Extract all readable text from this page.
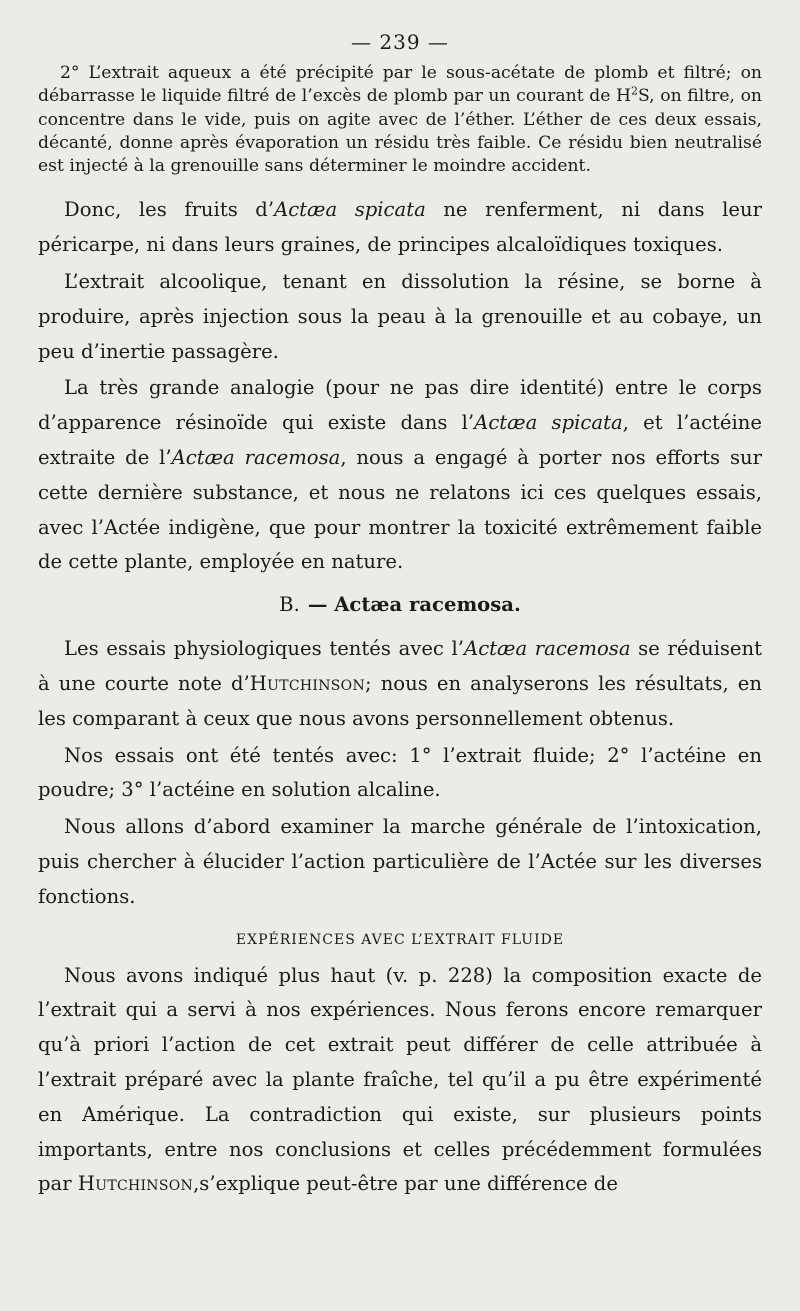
— 239 —

2° L’extrait aqueux a été précipité par le sous-acétate de plomb et filtré; on débarrasse le liquide filtré de l’excès de plomb par un courant de $H^2S$, on filtre, on concentre dans le vide, puis on agite avec de l’éther. L’éther de ces deux essais, décanté, donne après évaporation un résidu très faible. Ce résidu bien neutralisé est injecté à la grenouille sans déterminer le moindre accident.

Donc, les fruits d’Actæa spicata ne renferment, ni dans leur péricarpe, ni dans leurs graines, de principes alcaloïdiques toxiques.

L’extrait alcoolique, tenant en dissolution la résine, se borne à produire, après injection sous la peau à la grenouille et au cobaye, un peu d’inertie passagère.

La très grande analogie (pour ne pas dire identité) entre le corps d’apparence résinoïde qui existe dans l’Actæa spicata, et l’actéine extraite de l’Actæa racemosa, nous a engagé à porter nos efforts sur cette dernière substance, et nous ne relatons ici ces quelques essais, avec l’Actée indigène, que pour montrer la toxicité extrêmement faible de cette plante, employée en nature.

B. — Actæa racemosa.

Les essais physiologiques tentés avec l’Actæa racemosa se réduisent à une courte note d’Hutchinson; nous en analyserons les résultats, en les comparant à ceux que nous avons personnellement obtenus.

Nos essais ont été tentés avec: 1° l’extrait fluide; 2° l’actéine en poudre; 3° l’actéine en solution alcaline.

Nous allons d’abord examiner la marche générale de l’intoxication, puis chercher à élucider l’action particulière de l’Actée sur les diverses fonctions.

EXPÉRIENCES AVEC L’EXTRAIT FLUIDE

Nous avons indiqué plus haut (v. p. 228) la composition exacte de l’extrait qui a servi à nos expériences. Nous ferons encore remarquer qu’à priori l’action de cet extrait peut différer de celle attribuée à l’extrait préparé avec la plante fraîche, tel qu’il a pu être expérimenté en Amérique. La contradiction qui existe, sur plusieurs points importants, entre nos conclusions et celles précédemment formulées par Hutchinson,s’explique peut-être par une différence de
